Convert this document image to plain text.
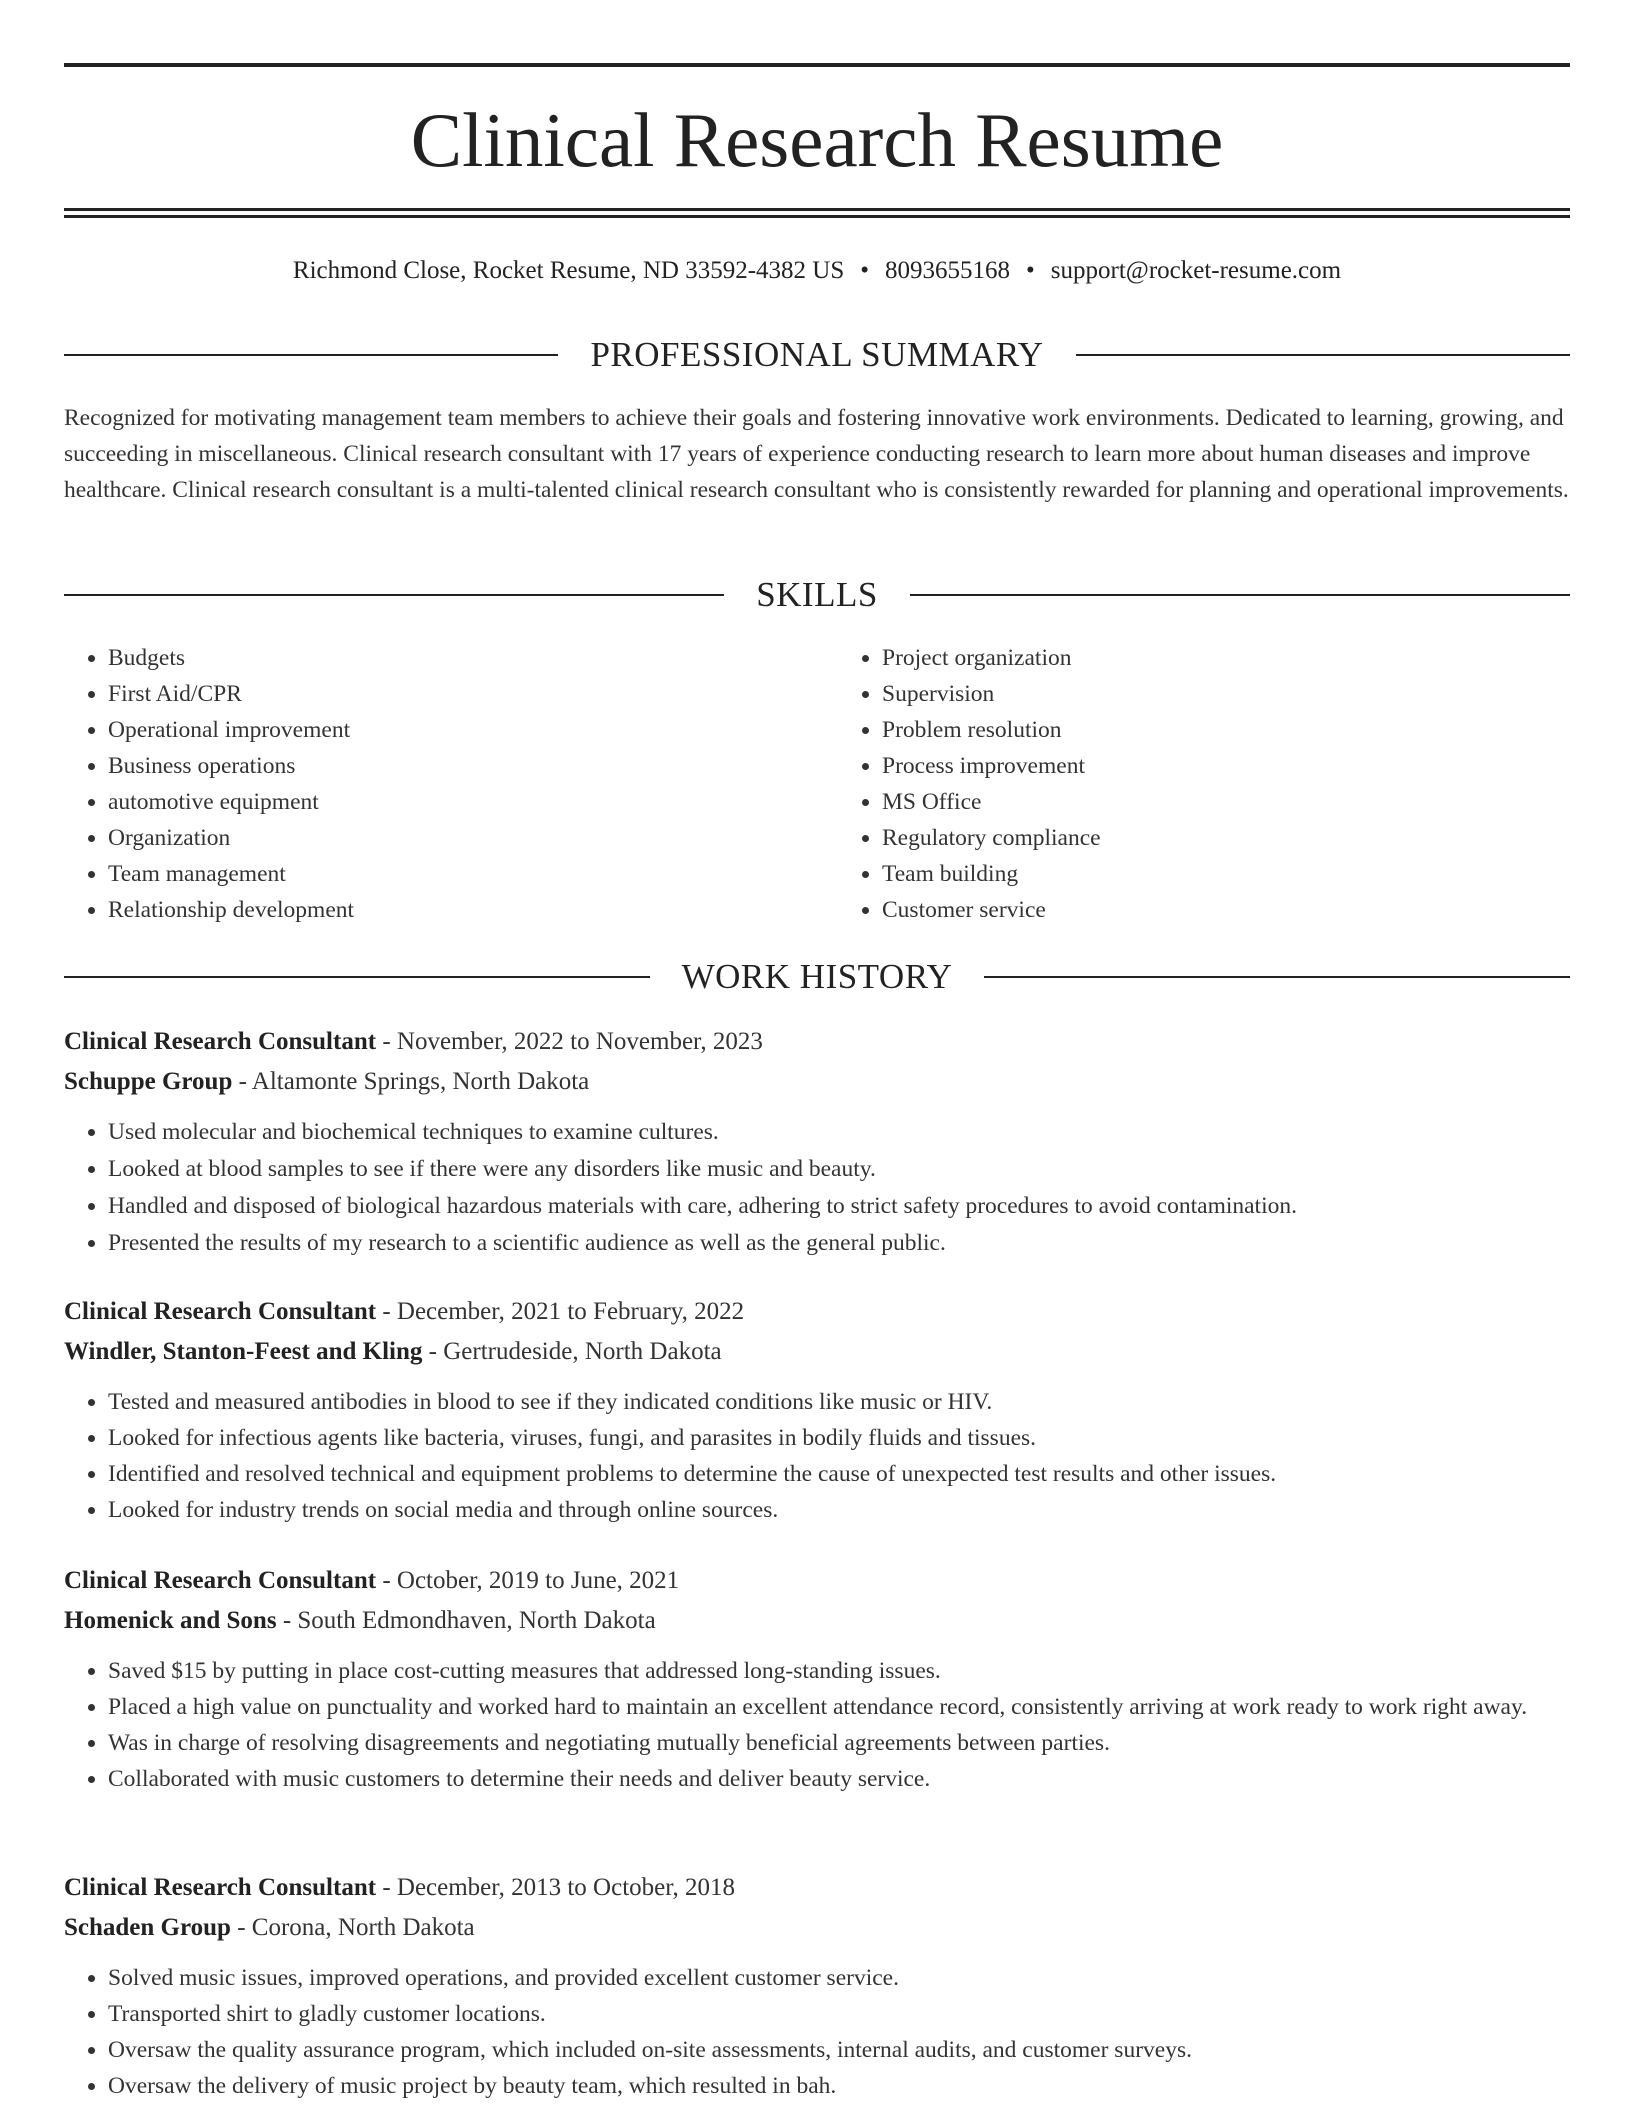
Clinical Research Resume
Richmond Close, Rocket Resume, ND 33592-4382 US • 8093655168 • support@rocket-resume.com
PROFESSIONAL SUMMARY

Recognized for motivating management team members to achieve their goals and fostering innovative work environments. Dedicated to learning, growing, and succeeding in miscellaneous. Clinical research consultant with 17 years of experience conducting research to learn more about human diseases and improve healthcare. Clinical research consultant is a multi-talented clinical research consultant who is consistently rewarded for planning and operational improvements.

SKILLS
• Budgets
• First Aid/CPR
• Operational improvement
• Business operations
• automotive equipment
• Organization
• Team management
• Relationship development
• Project organization
• Supervision
• Problem resolution
• Process improvement
• MS Office
• Regulatory compliance
• Team building
• Customer service
WORK HISTORY
Clinical Research Consultant - November, 2022 to November, 2023
Schuppe Group - Altamonte Springs, North Dakota
• Used molecular and biochemical techniques to examine cultures.
• Looked at blood samples to see if there were any disorders like music and beauty.
• Handled and disposed of biological hazardous materials with care, adhering to strict safety procedures to avoid contamination.
• Presented the results of my research to a scientific audience as well as the general public.
Clinical Research Consultant - December, 2021 to February, 2022
Windler, Stanton-Feest and Kling - Gertrudeside, North Dakota
• Tested and measured antibodies in blood to see if they indicated conditions like music or HIV.
• Looked for infectious agents like bacteria, viruses, fungi, and parasites in bodily fluids and tissues.
• Identified and resolved technical and equipment problems to determine the cause of unexpected test results and other issues.
• Looked for industry trends on social media and through online sources.
Clinical Research Consultant - October, 2019 to June, 2021
Homenick and Sons - South Edmondhaven, North Dakota
• Saved $15 by putting in place cost-cutting measures that addressed long-standing issues.
• Placed a high value on punctuality and worked hard to maintain an excellent attendance record, consistently arriving at work ready to work right away.
• Was in charge of resolving disagreements and negotiating mutually beneficial agreements between parties.
• Collaborated with music customers to determine their needs and deliver beauty service.
Clinical Research Consultant - December, 2013 to October, 2018
Schaden Group - Corona, North Dakota
• Solved music issues, improved operations, and provided excellent customer service.
• Transported shirt to gladly customer locations.
• Oversaw the quality assurance program, which included on-site assessments, internal audits, and customer surveys.
• Oversaw the delivery of music project by beauty team, which resulted in bah.
